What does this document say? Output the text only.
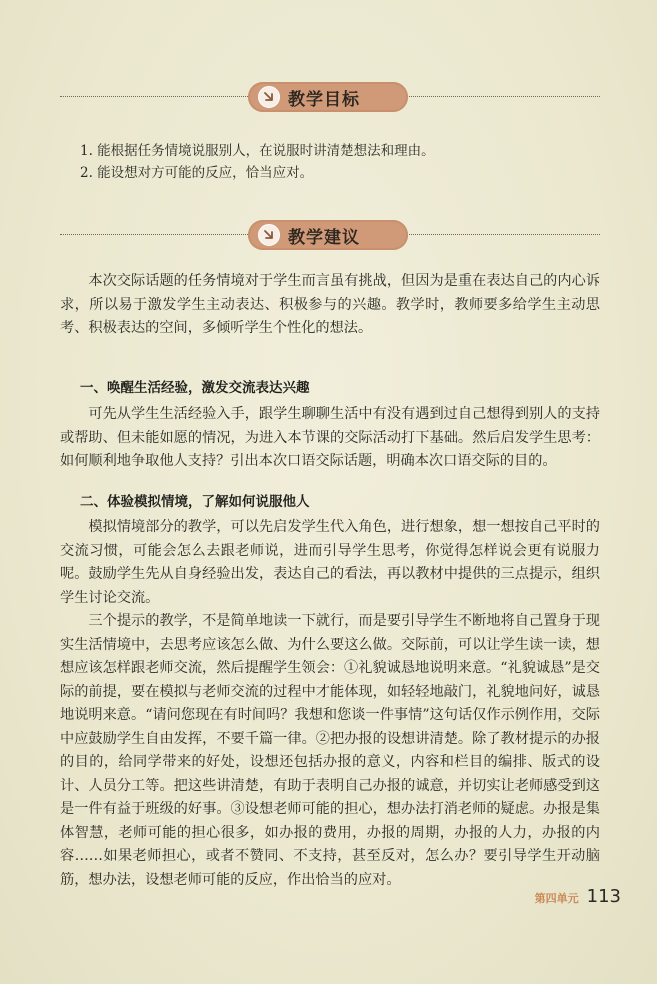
教学目标
1. 能根据任务情境说服别人，在说服时讲清楚想法和理由。
2. 能设想对方可能的反应，恰当应对。
教学建议

本次交际话题的任务情境对于学生而言虽有挑战，但因为是重在表达自己的内心诉求，所以易于激发学生主动表达、积极参与的兴趣。教学时，教师要多给学生主动思考、积极表达的空间，多倾听学生个性化的想法。

一、唤醒生活经验，激发交流表达兴趣

可先从学生生活经验入手，跟学生聊聊生活中有没有遇到过自己想得到别人的支持或帮助、但未能如愿的情况，为进入本节课的交际活动打下基础。然后启发学生思考：如何顺利地争取他人支持？引出本次口语交际话题，明确本次口语交际的目的。

二、体验模拟情境，了解如何说服他人

模拟情境部分的教学，可以先启发学生代入角色，进行想象，想一想按自己平时的交流习惯，可能会怎么去跟老师说，进而引导学生思考，你觉得怎样说会更有说服力呢。鼓励学生先从自身经验出发，表达自己的看法，再以教材中提供的三点提示，组织学生讨论交流。

三个提示的教学，不是简单地读一下就行，而是要引导学生不断地将自己置身于现实生活情境中，去思考应该怎么做、为什么要这么做。交际前，可以让学生读一读，想想应该怎样跟老师交流，然后提醒学生领会：①礼貌诚恳地说明来意。“礼貌诚恳”是交际的前提，要在模拟与老师交流的过程中才能体现，如轻轻地敲门，礼貌地问好，诚恳地说明来意。“请问您现在有时间吗？我想和您谈一件事情”这句话仅作示例作用，交际中应鼓励学生自由发挥，不要千篇一律。②把办报的设想讲清楚。除了教材提示的办报的目的，给同学带来的好处，设想还包括办报的意义，内容和栏目的编排、版式的设计、人员分工等。把这些讲清楚，有助于表明自己办报的诚意，并切实让老师感受到这是一件有益于班级的好事。③设想老师可能的担心，想办法打消老师的疑虑。办报是集体智慧，老师可能的担心很多，如办报的费用，办报的周期，办报的人力，办报的内容……如果老师担心，或者不赞同、不支持，甚至反对，怎么办？要引导学生开动脑筋，想办法，设想老师可能的反应，作出恰当的应对。

第四单元 113
